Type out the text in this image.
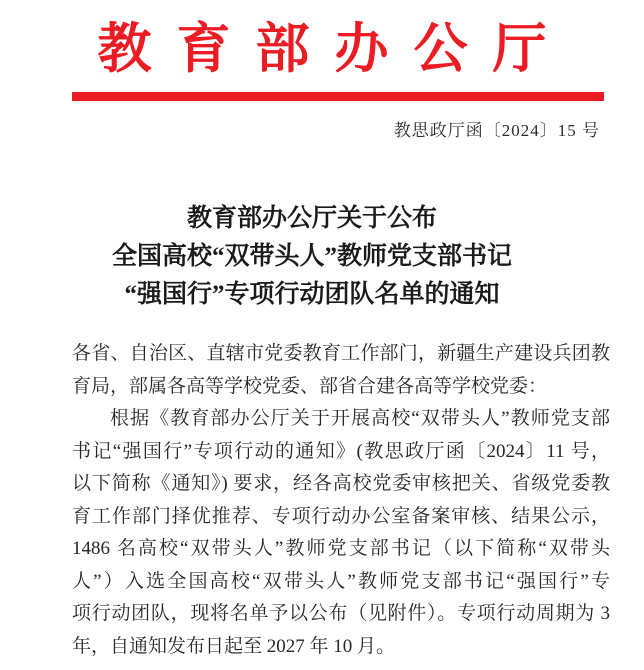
教育部办公厅
教思政厅函〔2024〕15 号
教育部办公厅关于公布
全国高校“双带头人”教师党支部书记
“强国行”专项行动团队名单的通知
各省、自治区、直辖市党委教育工作部门，新疆生产建设兵团教
育局，部属各高等学校党委、部省合建各高等学校党委：
根据《教育部办公厅关于开展高校“双带头人”教师党支部
书记“强国行”专项行动的通知》(教思政厅函〔2024〕11 号，
以下简称《通知》) 要求，经各高校党委审核把关、省级党委教
育工作部门择优推荐、专项行动办公室备案审核、结果公示，
1486 名高校“双带头人”教师党支部书记（以下简称“双带头
人”）入选全国高校“双带头人”教师党支部书记“强国行”专
项行动团队，现将名单予以公布（见附件）。专项行动周期为 3
年，自通知发布日起至 2027 年 10 月。
